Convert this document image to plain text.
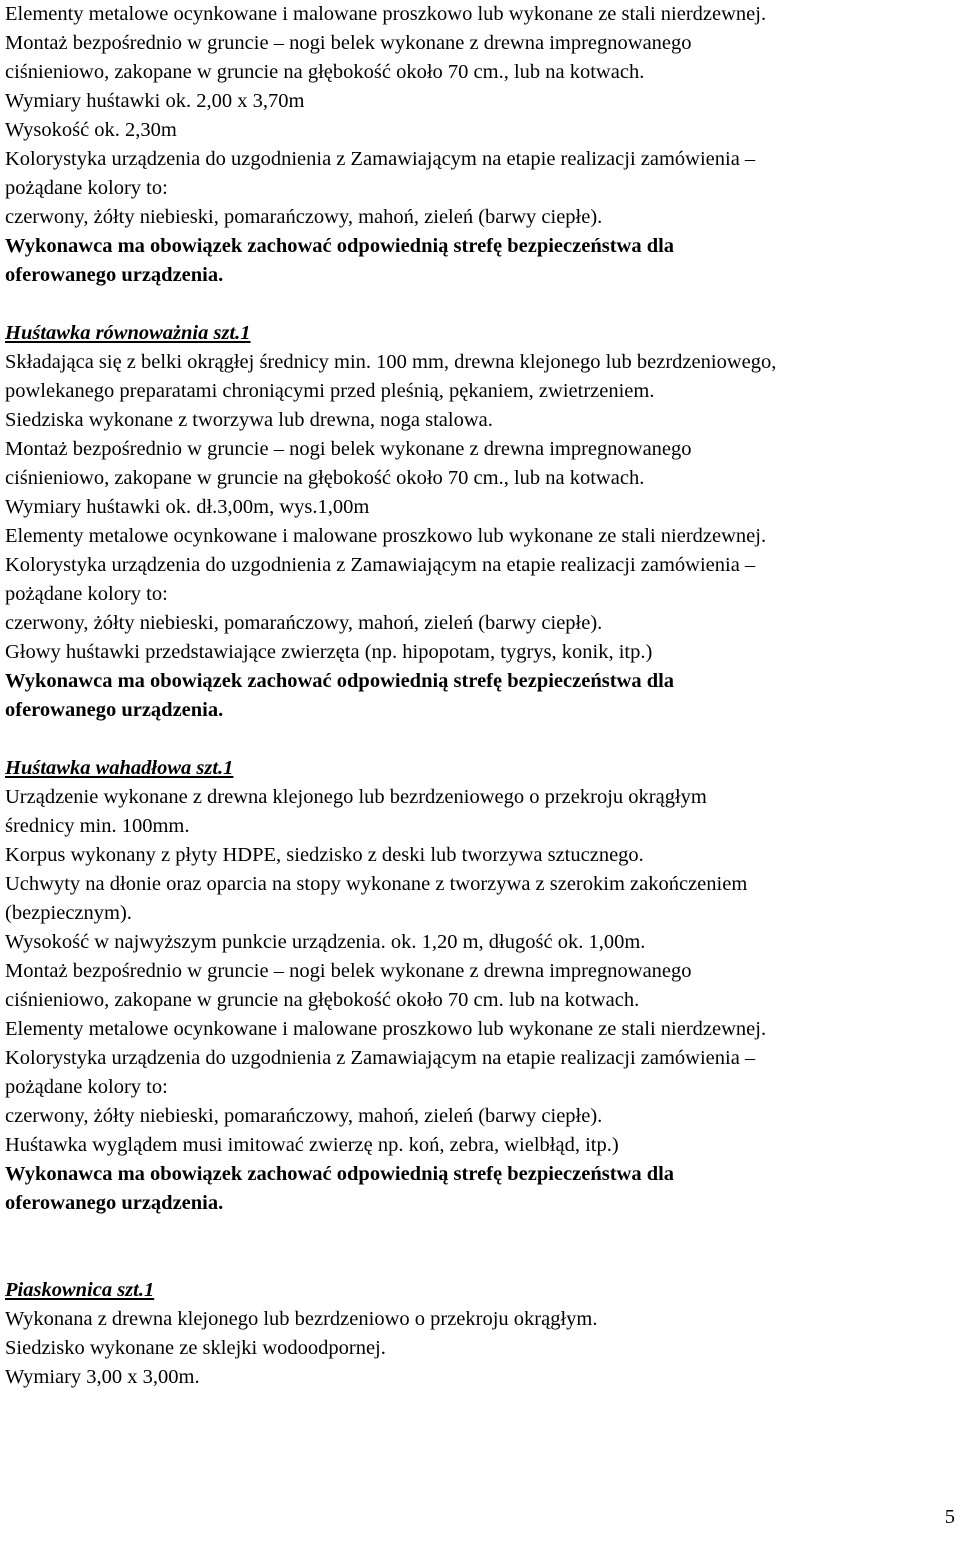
Elementy metalowe ocynkowane i malowane proszkowo lub wykonane ze stali nierdzewnej.
Montaż bezpośrednio w gruncie – nogi belek wykonane z drewna impregnowanego
ciśnieniowo, zakopane w gruncie na głębokość około 70 cm., lub na kotwach.
Wymiary huśtawki ok. 2,00 x 3,70m
Wysokość ok. 2,30m
Kolorystyka urządzenia do uzgodnienia z Zamawiającym na etapie realizacji zamówienia –
pożądane kolory to:
czerwony, żółty niebieski, pomarańczowy, mahoń, zieleń (barwy ciepłe).
Wykonawca ma obowiązek zachować odpowiednią strefę bezpieczeństwa dla
oferowanego urządzenia.
Huśtawka równoważnia szt.1
Składająca się z belki okrągłej średnicy min. 100 mm, drewna klejonego lub bezrdzeniowego,
powlekanego preparatami chroniącymi przed pleśnią, pękaniem, zwietrzeniem.
Siedziska wykonane z tworzywa lub drewna, noga stalowa.
Montaż bezpośrednio w gruncie – nogi belek wykonane z drewna impregnowanego
ciśnieniowo, zakopane w gruncie na głębokość około 70 cm., lub na kotwach.
Wymiary huśtawki ok. dł.3,00m, wys.1,00m
Elementy metalowe ocynkowane i malowane proszkowo lub wykonane ze stali nierdzewnej.
Kolorystyka urządzenia do uzgodnienia z Zamawiającym na etapie realizacji zamówienia –
pożądane kolory to:
czerwony, żółty niebieski, pomarańczowy, mahoń, zieleń (barwy ciepłe).
Głowy huśtawki przedstawiające zwierzęta (np. hipopotam, tygrys, konik, itp.)
Wykonawca ma obowiązek zachować odpowiednią strefę bezpieczeństwa dla
oferowanego urządzenia.
Huśtawka wahadłowa szt.1
Urządzenie wykonane z drewna klejonego lub bezrdzeniowego o przekroju okrągłym
średnicy min. 100mm.
Korpus wykonany z płyty HDPE, siedzisko z deski lub tworzywa sztucznego.
Uchwyty na dłonie oraz oparcia na stopy wykonane z tworzywa z szerokim zakończeniem
(bezpiecznym).
Wysokość w najwyższym punkcie urządzenia. ok. 1,20 m, długość ok. 1,00m.
Montaż bezpośrednio w gruncie – nogi belek wykonane z drewna impregnowanego
ciśnieniowo, zakopane w gruncie na głębokość około 70 cm. lub na kotwach.
Elementy metalowe ocynkowane i malowane proszkowo lub wykonane ze stali nierdzewnej.
Kolorystyka urządzenia do uzgodnienia z Zamawiającym na etapie realizacji zamówienia –
pożądane kolory to:
czerwony, żółty niebieski, pomarańczowy, mahoń, zieleń (barwy ciepłe).
Huśtawka wyglądem musi imitować zwierzę np. koń, zebra, wielbłąd, itp.)
Wykonawca ma obowiązek zachować odpowiednią strefę bezpieczeństwa dla
oferowanego urządzenia.
Piaskownica szt.1
Wykonana z drewna klejonego lub bezrdzeniowo o przekroju okrągłym.
Siedzisko wykonane ze sklejki wodoodpornej.
Wymiary 3,00 x 3,00m.
5
